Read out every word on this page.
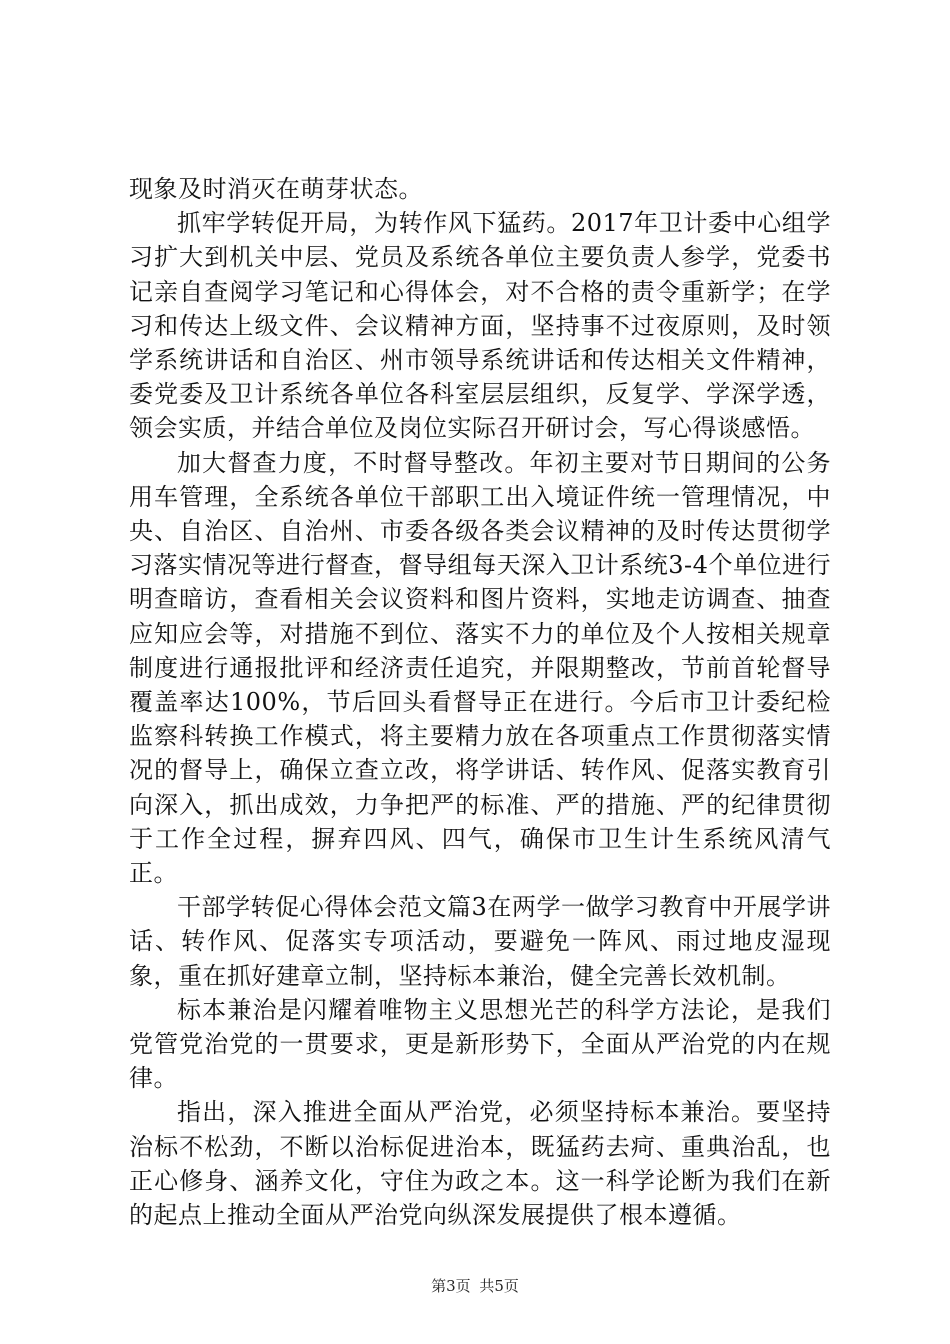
现象及时消灭在萌芽状态。

抓牢学转促开局，为转作风下猛药。2017年卫计委中心组学习扩大到机关中层、党员及系统各单位主要负责人参学，党委书记亲自查阅学习笔记和心得体会，对不合格的责令重新学；在学习和传达上级文件、会议精神方面，坚持事不过夜原则，及时领学系统讲话和自治区、州市领导系统讲话和传达相关文件精神，委党委及卫计系统各单位各科室层层组织，反复学、学深学透，领会实质，并结合单位及岗位实际召开研讨会，写心得谈感悟。

加大督查力度，不时督导整改。年初主要对节日期间的公务用车管理，全系统各单位干部职工出入境证件统一管理情况，中央、自治区、自治州、市委各级各类会议精神的及时传达贯彻学习落实情况等进行督查，督导组每天深入卫计系统3-4个单位进行明查暗访，查看相关会议资料和图片资料，实地走访调查、抽查应知应会等，对措施不到位、落实不力的单位及个人按相关规章制度进行通报批评和经济责任追究，并限期整改，节前首轮督导覆盖率达100%，节后回头看督导正在进行。今后市卫计委纪检监察科转换工作模式，将主要精力放在各项重点工作贯彻落实情况的督导上，确保立查立改，将学讲话、转作风、促落实教育引向深入，抓出成效，力争把严的标准、严的措施、严的纪律贯彻于工作全过程，摒弃四风、四气，确保市卫生计生系统风清气正。

干部学转促心得体会范文篇3在两学一做学习教育中开展学讲话、转作风、促落实专项活动，要避免一阵风、雨过地皮湿现象，重在抓好建章立制，坚持标本兼治，健全完善长效机制。

标本兼治是闪耀着唯物主义思想光芒的科学方法论，是我们党管党治党的一贯要求，更是新形势下，全面从严治党的内在规律。

指出，深入推进全面从严治党，必须坚持标本兼治。要坚持治标不松劲，不断以治标促进治本，既猛药去疴、重典治乱，也正心修身、涵养文化，守住为政之本。这一科学论断为我们在新的起点上推动全面从严治党向纵深发展提供了根本遵循。

第3页 共5页
